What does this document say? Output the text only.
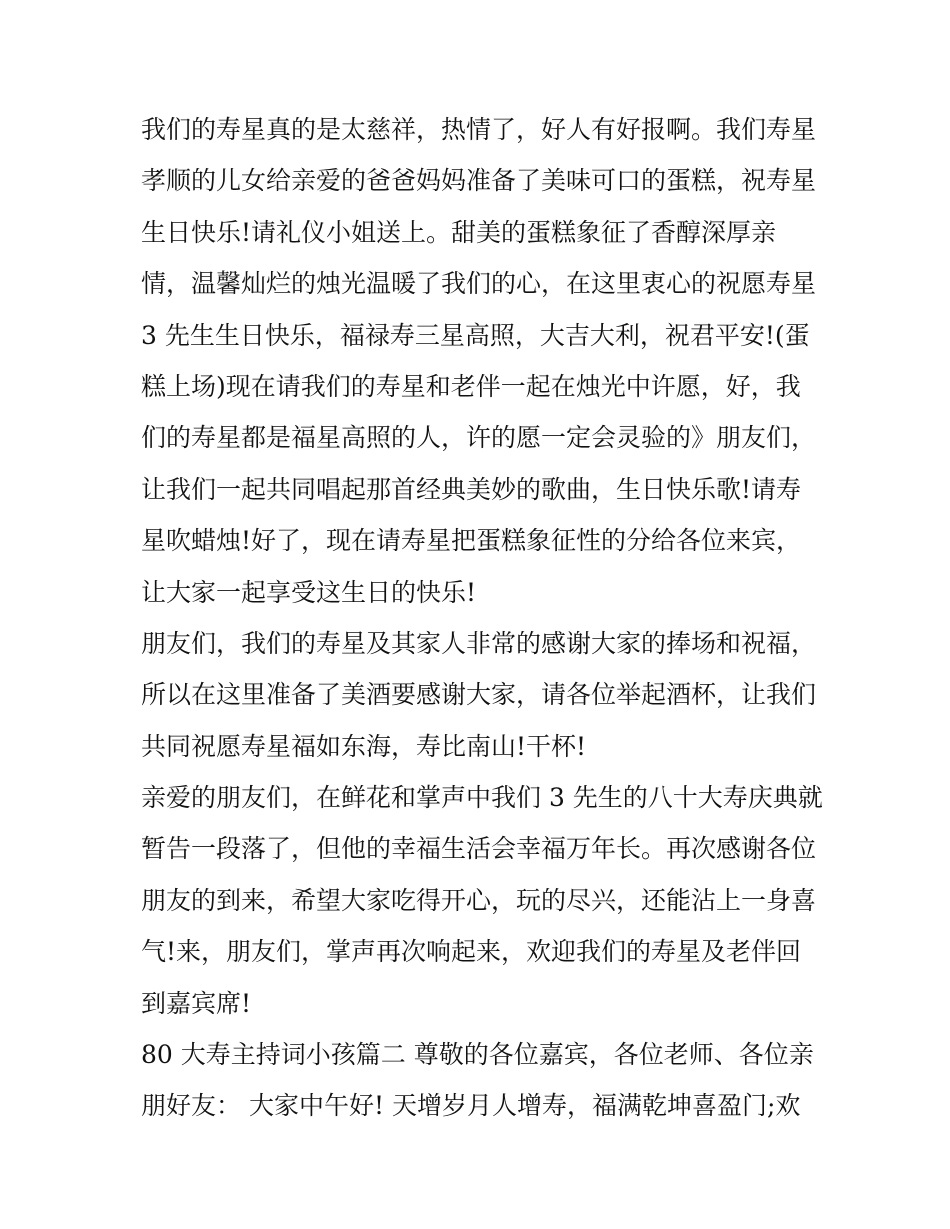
我们的寿星真的是太慈祥，热情了，好人有好报啊。我们寿星
孝顺的儿女给亲爱的爸爸妈妈准备了美味可口的蛋糕，祝寿星
生日快乐!请礼仪小姐送上。甜美的蛋糕象征了香醇深厚亲
情，温馨灿烂的烛光温暖了我们的心，在这里衷心的祝愿寿星
3 先生生日快乐，福禄寿三星高照，大吉大利，祝君平安!(蛋
糕上场)现在请我们的寿星和老伴一起在烛光中许愿，好，我
们的寿星都是福星高照的人，许的愿一定会灵验的》朋友们，
让我们一起共同唱起那首经典美妙的歌曲，生日快乐歌!请寿
星吹蜡烛!好了，现在请寿星把蛋糕象征性的分给各位来宾，
让大家一起享受这生日的快乐!
朋友们，我们的寿星及其家人非常的感谢大家的捧场和祝福，
所以在这里准备了美酒要感谢大家，请各位举起酒杯，让我们
共同祝愿寿星福如东海，寿比南山!干杯!
亲爱的朋友们，在鲜花和掌声中我们 3 先生的八十大寿庆典就
暂告一段落了，但他的幸福生活会幸福万年长。再次感谢各位
朋友的到来，希望大家吃得开心，玩的尽兴，还能沾上一身喜
气!来，朋友们，掌声再次响起来，欢迎我们的寿星及老伴回
到嘉宾席!
80 大寿主持词小孩篇二 尊敬的各位嘉宾，各位老师、各位亲
朋好友： 大家中午好! 天增岁月人增寿，福满乾坤喜盈门;欢
